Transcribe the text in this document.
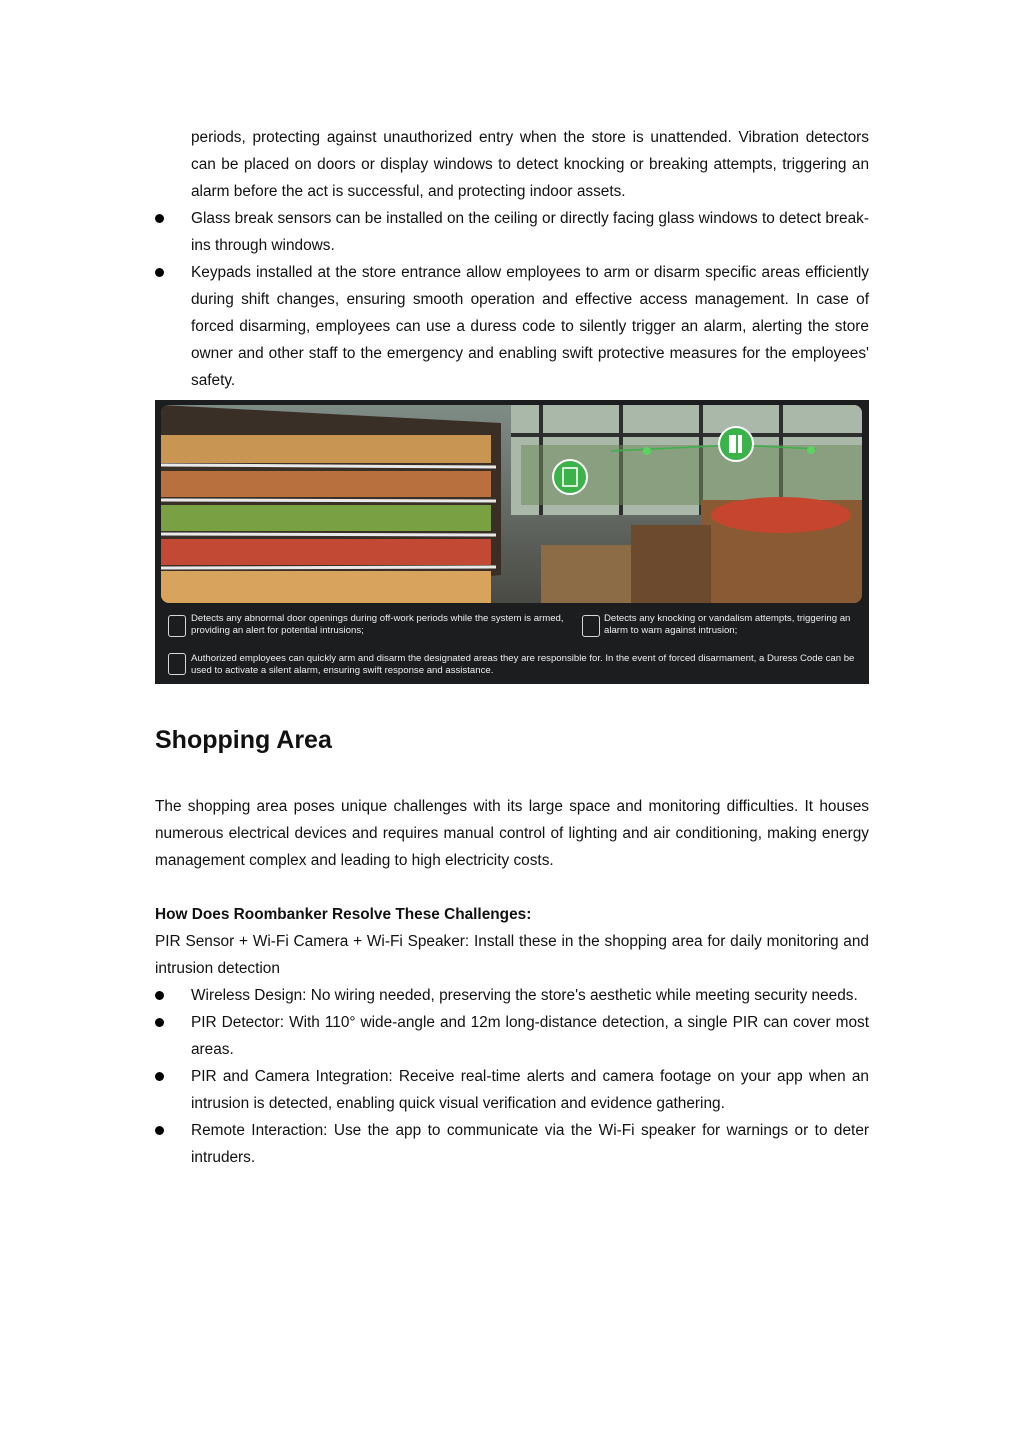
periods, protecting against unauthorized entry when the store is unattended. Vibration detectors can be placed on doors or display windows to detect knocking or breaking attempts, triggering an alarm before the act is successful, and protecting indoor assets.

Glass break sensors can be installed on the ceiling or directly facing glass windows to detect break-ins through windows.
Keypads installed at the store entrance allow employees to arm or disarm specific areas efficiently during shift changes, ensuring smooth operation and effective access management. In case of forced disarming, employees can use a duress code to silently trigger an alarm, alerting the store owner and other staff to the emergency and enabling swift protective measures for the employees' safety.
Detects any abnormal door openings during off-work periods while the system is armed, providing an alert for potential intrusions;
Detects any knocking or vandalism attempts, triggering an alarm to warn against intrusion;
Authorized employees can quickly arm and disarm the designated areas they are responsible for. In the event of forced disarmament, a Duress Code can be used to activate a silent alarm, ensuring swift response and assistance.
Shopping Area

The shopping area poses unique challenges with its large space and monitoring difficulties. It houses numerous electrical devices and requires manual control of lighting and air conditioning, making energy management complex and leading to high electricity costs.

How Does Roombanker Resolve These Challenges:

PIR Sensor + Wi-Fi Camera + Wi-Fi Speaker: Install these in the shopping area for daily monitoring and intrusion detection

Wireless Design: No wiring needed, preserving the store's aesthetic while meeting security needs.
PIR Detector: With 110° wide-angle and 12m long-distance detection, a single PIR can cover most areas.
PIR and Camera Integration: Receive real-time alerts and camera footage on your app when an intrusion is detected, enabling quick visual verification and evidence gathering.
Remote Interaction: Use the app to communicate via the Wi-Fi speaker for warnings or to deter intruders.
